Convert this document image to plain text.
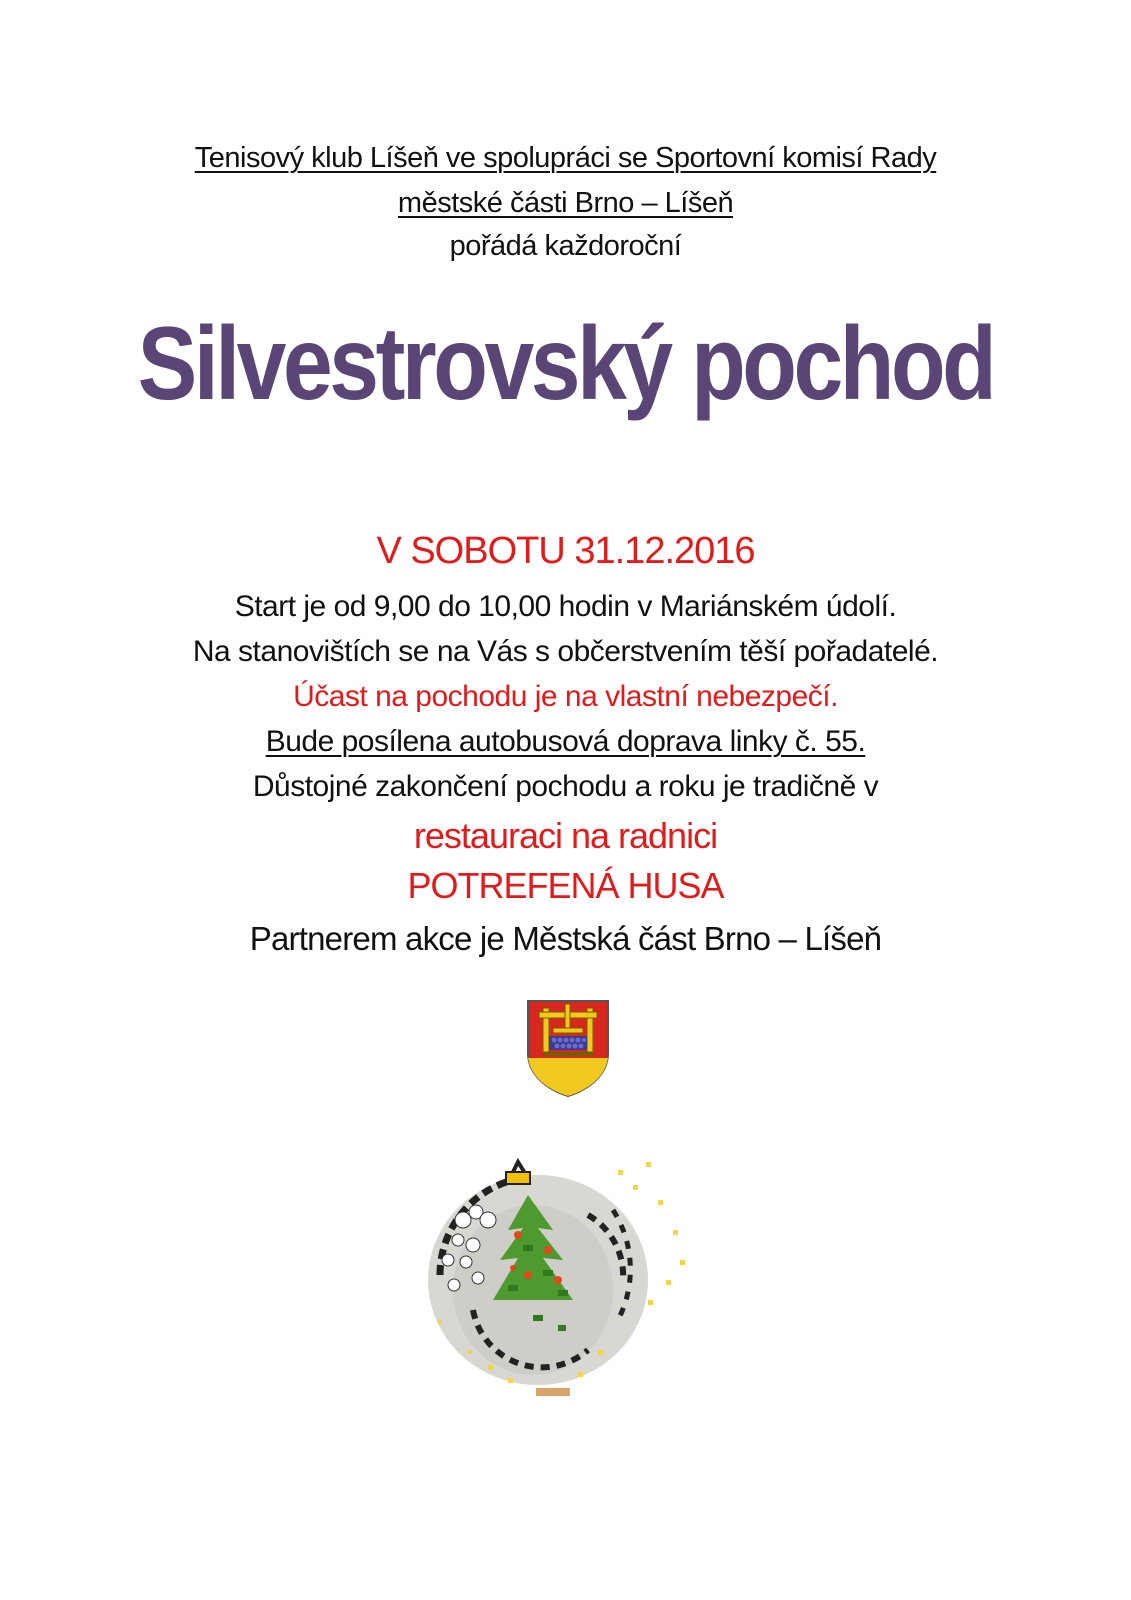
Tenisový klub Líšeň ve spolupráci se Sportovní komisí Rady
městské části Brno – Líšeň
pořádá každoroční
Silvestrovský pochod
V SOBOTU 31.12.2016
Start je od 9,00 do 10,00 hodin v Mariánském údolí.
Na stanovištích se na Vás s občerstvením těší pořadatelé.
Účast na pochodu je na vlastní nebezpečí.
Bude posílena autobusová doprava linky č. 55.
Důstojné zakončení pochodu a roku je tradičně v
restauraci na radnici
POTREFENÁ HUSA
Partnerem akce je Městská část Brno – Líšeň
